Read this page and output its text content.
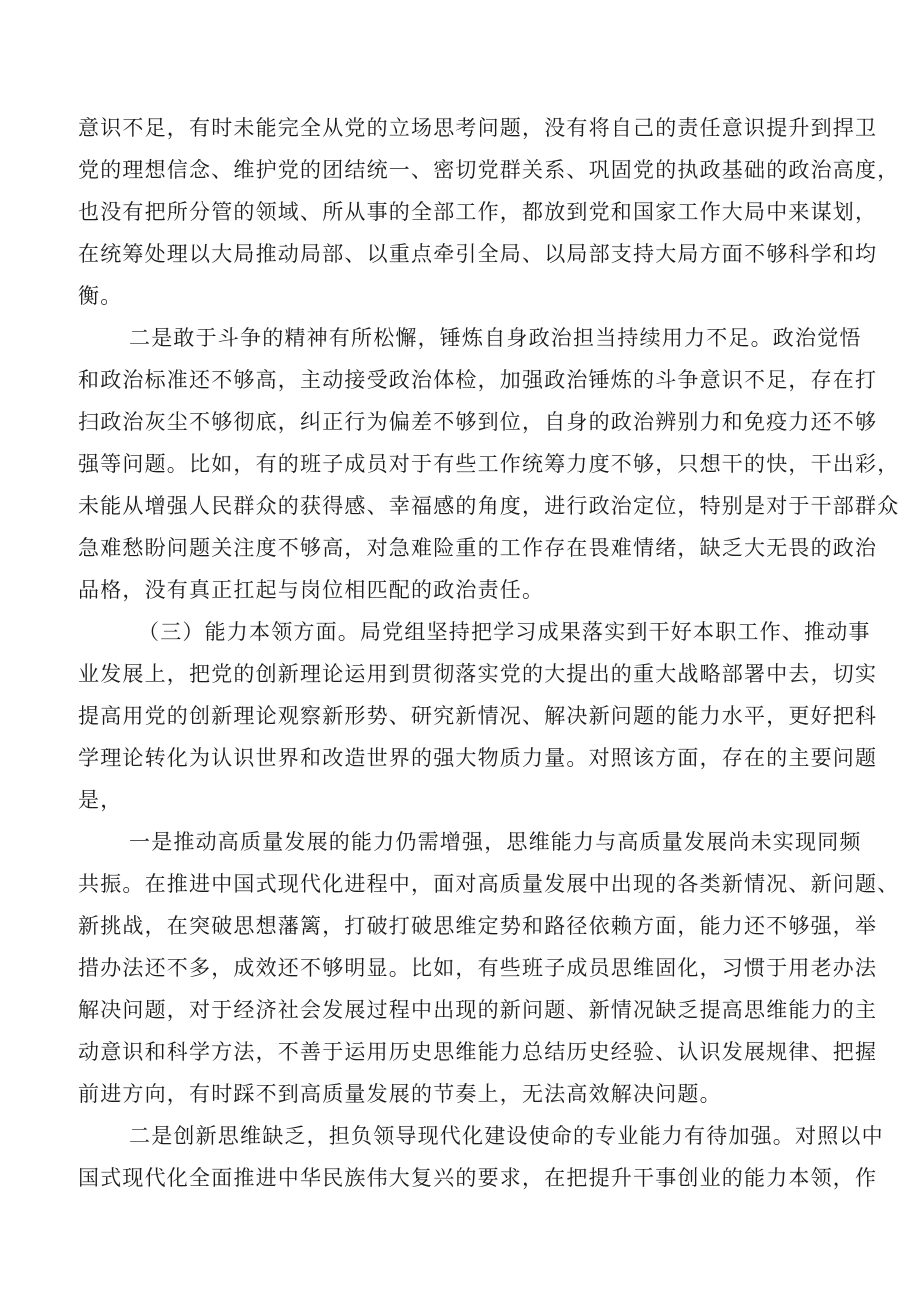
意识不足，有时未能完全从党的立场思考问题，没有将自己的责任意识提升到捍卫
党的理想信念、维护党的团结统一、密切党群关系、巩固党的执政基础的政治高度，
也没有把所分管的领域、所从事的全部工作，都放到党和国家工作大局中来谋划，
在统筹处理以大局推动局部、以重点牵引全局、以局部支持大局方面不够科学和均
衡。
二是敢于斗争的精神有所松懈，锤炼自身政治担当持续用力不足。政治觉悟
和政治标准还不够高，主动接受政治体检，加强政治锤炼的斗争意识不足，存在打
扫政治灰尘不够彻底，纠正行为偏差不够到位，自身的政治辨别力和免疫力还不够
强等问题。比如，有的班子成员对于有些工作统筹力度不够，只想干的快，干出彩，
未能从增强人民群众的获得感、幸福感的角度，进行政治定位，特别是对于干部群众
急难愁盼问题关注度不够高，对急难险重的工作存在畏难情绪，缺乏大无畏的政治
品格，没有真正扛起与岗位相匹配的政治责任。
（三）能力本领方面。局党组坚持把学习成果落实到干好本职工作、推动事
业发展上，把党的创新理论运用到贯彻落实党的大提出的重大战略部署中去，切实
提高用党的创新理论观察新形势、研究新情况、解决新问题的能力水平，更好把科
学理论转化为认识世界和改造世界的强大物质力量。对照该方面，存在的主要问题
是，
一是推动高质量发展的能力仍需增强，思维能力与高质量发展尚未实现同频
共振。在推进中国式现代化进程中，面对高质量发展中出现的各类新情况、新问题、
新挑战，在突破思想藩篱，打破打破思维定势和路径依赖方面，能力还不够强，举
措办法还不多，成效还不够明显。比如，有些班子成员思维固化，习惯于用老办法
解决问题，对于经济社会发展过程中出现的新问题、新情况缺乏提高思维能力的主
动意识和科学方法，不善于运用历史思维能力总结历史经验、认识发展规律、把握
前进方向，有时踩不到高质量发展的节奏上，无法高效解决问题。
二是创新思维缺乏，担负领导现代化建设使命的专业能力有待加强。对照以中
国式现代化全面推进中华民族伟大复兴的要求，在把提升干事创业的能力本领，作
